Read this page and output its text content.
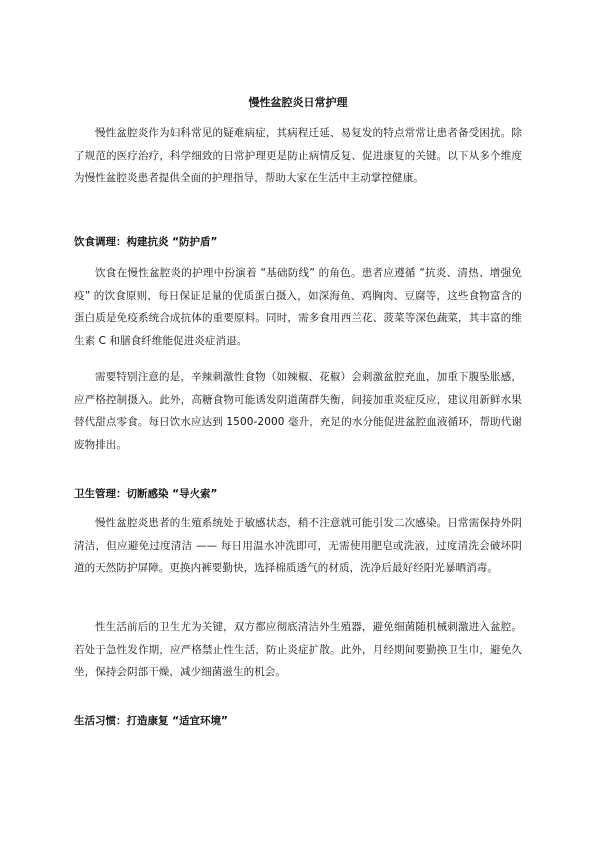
慢性盆腔炎日常护理

慢性盆腔炎作为妇科常见的疑难病症，其病程迁延、易复发的特点常常让患者备受困扰。除了规范的医疗治疗，科学细致的日常护理更是防止病情反复、促进康复的关键。以下从多个维度为慢性盆腔炎患者提供全面的护理指导，帮助大家在生活中主动掌控健康。

饮食调理：构建抗炎 “防护盾”

饮食在慢性盆腔炎的护理中扮演着 “基础防线” 的角色。患者应遵循 “抗炎、清热、增强免疫” 的饮食原则，每日保证足量的优质蛋白摄入，如深海鱼、鸡胸肉、豆腐等，这些食物富含的蛋白质是免疫系统合成抗体的重要原料。同时，需多食用西兰花、菠菜等深色蔬菜，其丰富的维生素 C 和膳食纤维能促进炎症消退。

需要特别注意的是，辛辣刺激性食物（如辣椒、花椒）会刺激盆腔充血，加重下腹坠胀感，应严格控制摄入。此外，高糖食物可能诱发阴道菌群失衡，间接加重炎症反应，建议用新鲜水果替代甜点零食。每日饮水应达到 1500-2000 毫升，充足的水分能促进盆腔血液循环，帮助代谢废物排出。

卫生管理：切断感染 “导火索”

慢性盆腔炎患者的生殖系统处于敏感状态，稍不注意就可能引发二次感染。日常需保持外阴清洁，但应避免过度清洁 —— 每日用温水冲洗即可，无需使用肥皂或洗液，过度清洗会破坏阴道的天然防护屏障。更换内裤要勤快，选择棉质透气的材质，洗净后最好经阳光暴晒消毒。

性生活前后的卫生尤为关键，双方都应彻底清洁外生殖器，避免细菌随机械刺激进入盆腔。若处于急性发作期，应严格禁止性生活，防止炎症扩散。此外，月经期间要勤换卫生巾，避免久坐，保持会阴部干燥，减少细菌滋生的机会。

生活习惯：打造康复 “适宜环境”
